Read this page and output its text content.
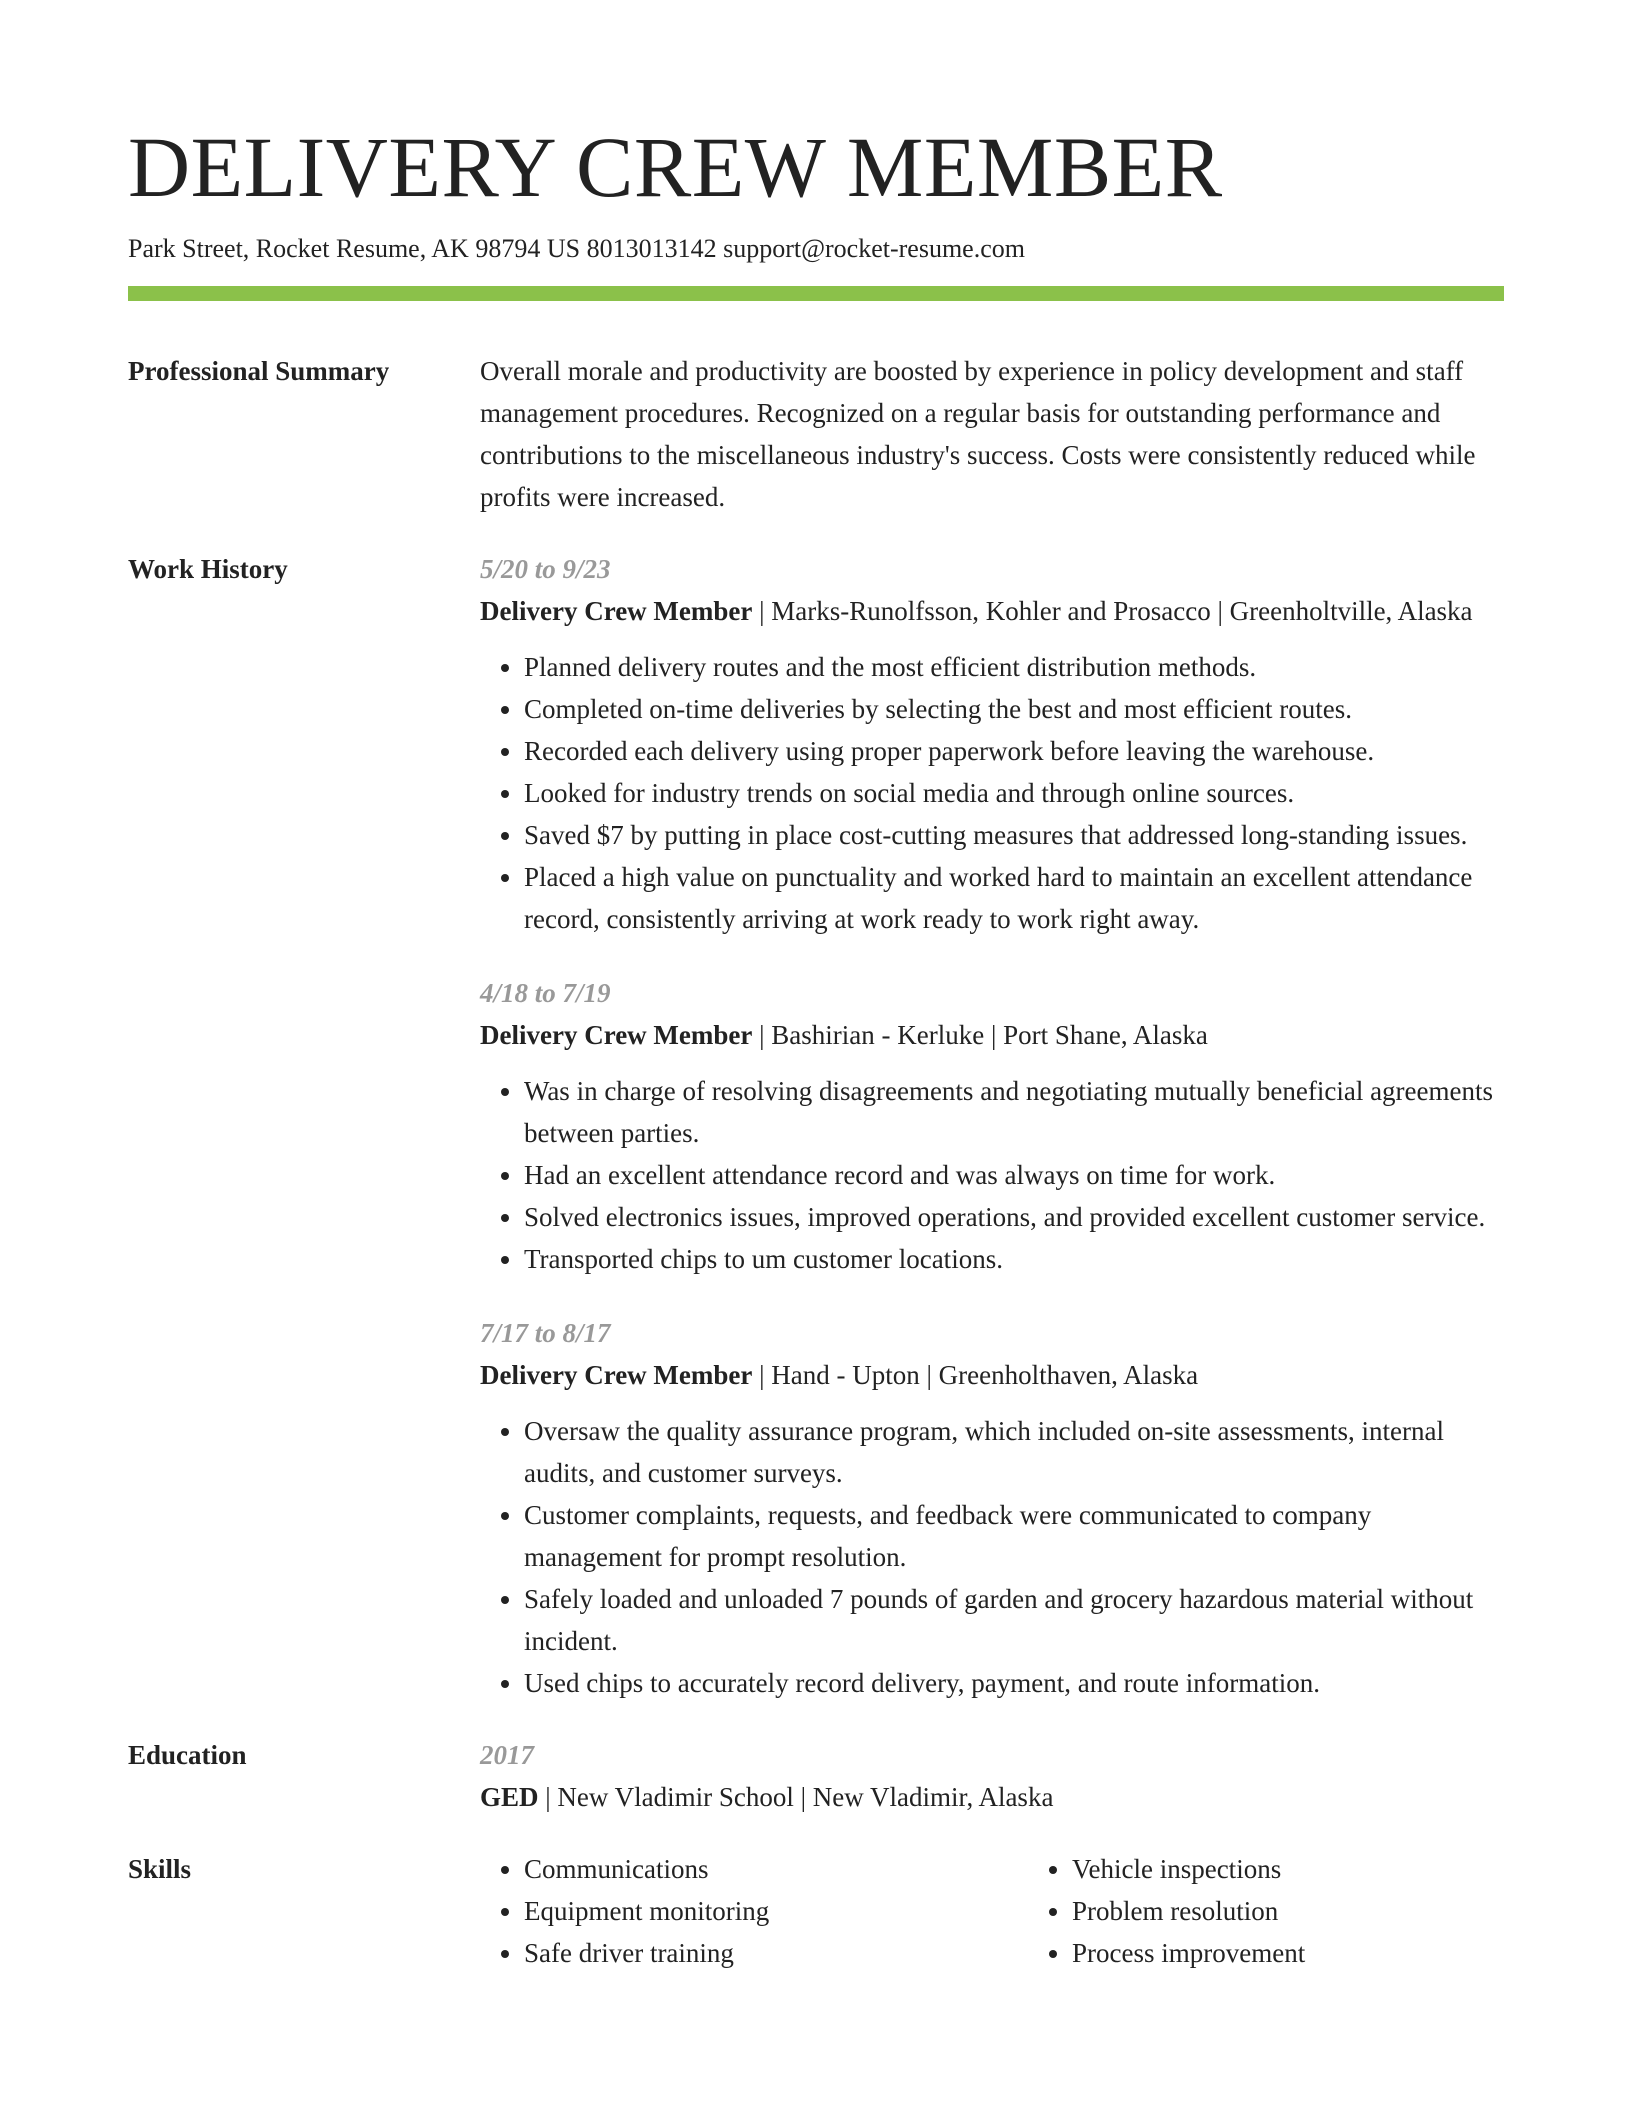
DELIVERY CREW MEMBER
Park Street, Rocket Resume, AK 98794 US 8013013142 support@rocket-resume.com
Professional Summary	Overall morale and productivity are boosted by experience in policy development and staff management procedures. Recognized on a regular basis for outstanding performance and contributions to the miscellaneous industry's success. Costs were consistently reduced while profits were increased.

Work History	5/20 to 9/23

Delivery Crew Member | Marks-Runolfsson, Kohler and Prosacco | Greenholtville, Alaska

• Planned delivery routes and the most efficient distribution methods.
• Completed on-time deliveries by selecting the best and most efficient routes.
• Recorded each delivery using proper paperwork before leaving the warehouse.
• Looked for industry trends on social media and through online sources.
• Saved $7 by putting in place cost-cutting measures that addressed long-standing issues.
• Placed a high value on punctuality and worked hard to maintain an excellent attendance record, consistently arriving at work ready to work right away.
4/18 to 7/19

Delivery Crew Member | Bashirian - Kerluke | Port Shane, Alaska

• Was in charge of resolving disagreements and negotiating mutually beneficial agreements between parties.
• Had an excellent attendance record and was always on time for work.
• Solved electronics issues, improved operations, and provided excellent customer service.
• Transported chips to um customer locations.
7/17 to 8/17

Delivery Crew Member | Hand - Upton | Greenholthaven, Alaska

• Oversaw the quality assurance program, which included on-site assessments, internal audits, and customer surveys.
• Customer complaints, requests, and feedback were communicated to company management for prompt resolution.
• Safely loaded and unloaded 7 pounds of garden and grocery hazardous material without incident.
• Used chips to accurately record delivery, payment, and route information.
Education	2017

GED | New Vladimir School | New Vladimir, Alaska

Skills
•	Communications
• Equipment monitoring
• Safe driver training
• Vehicle inspections
• Problem resolution
• Process improvement
